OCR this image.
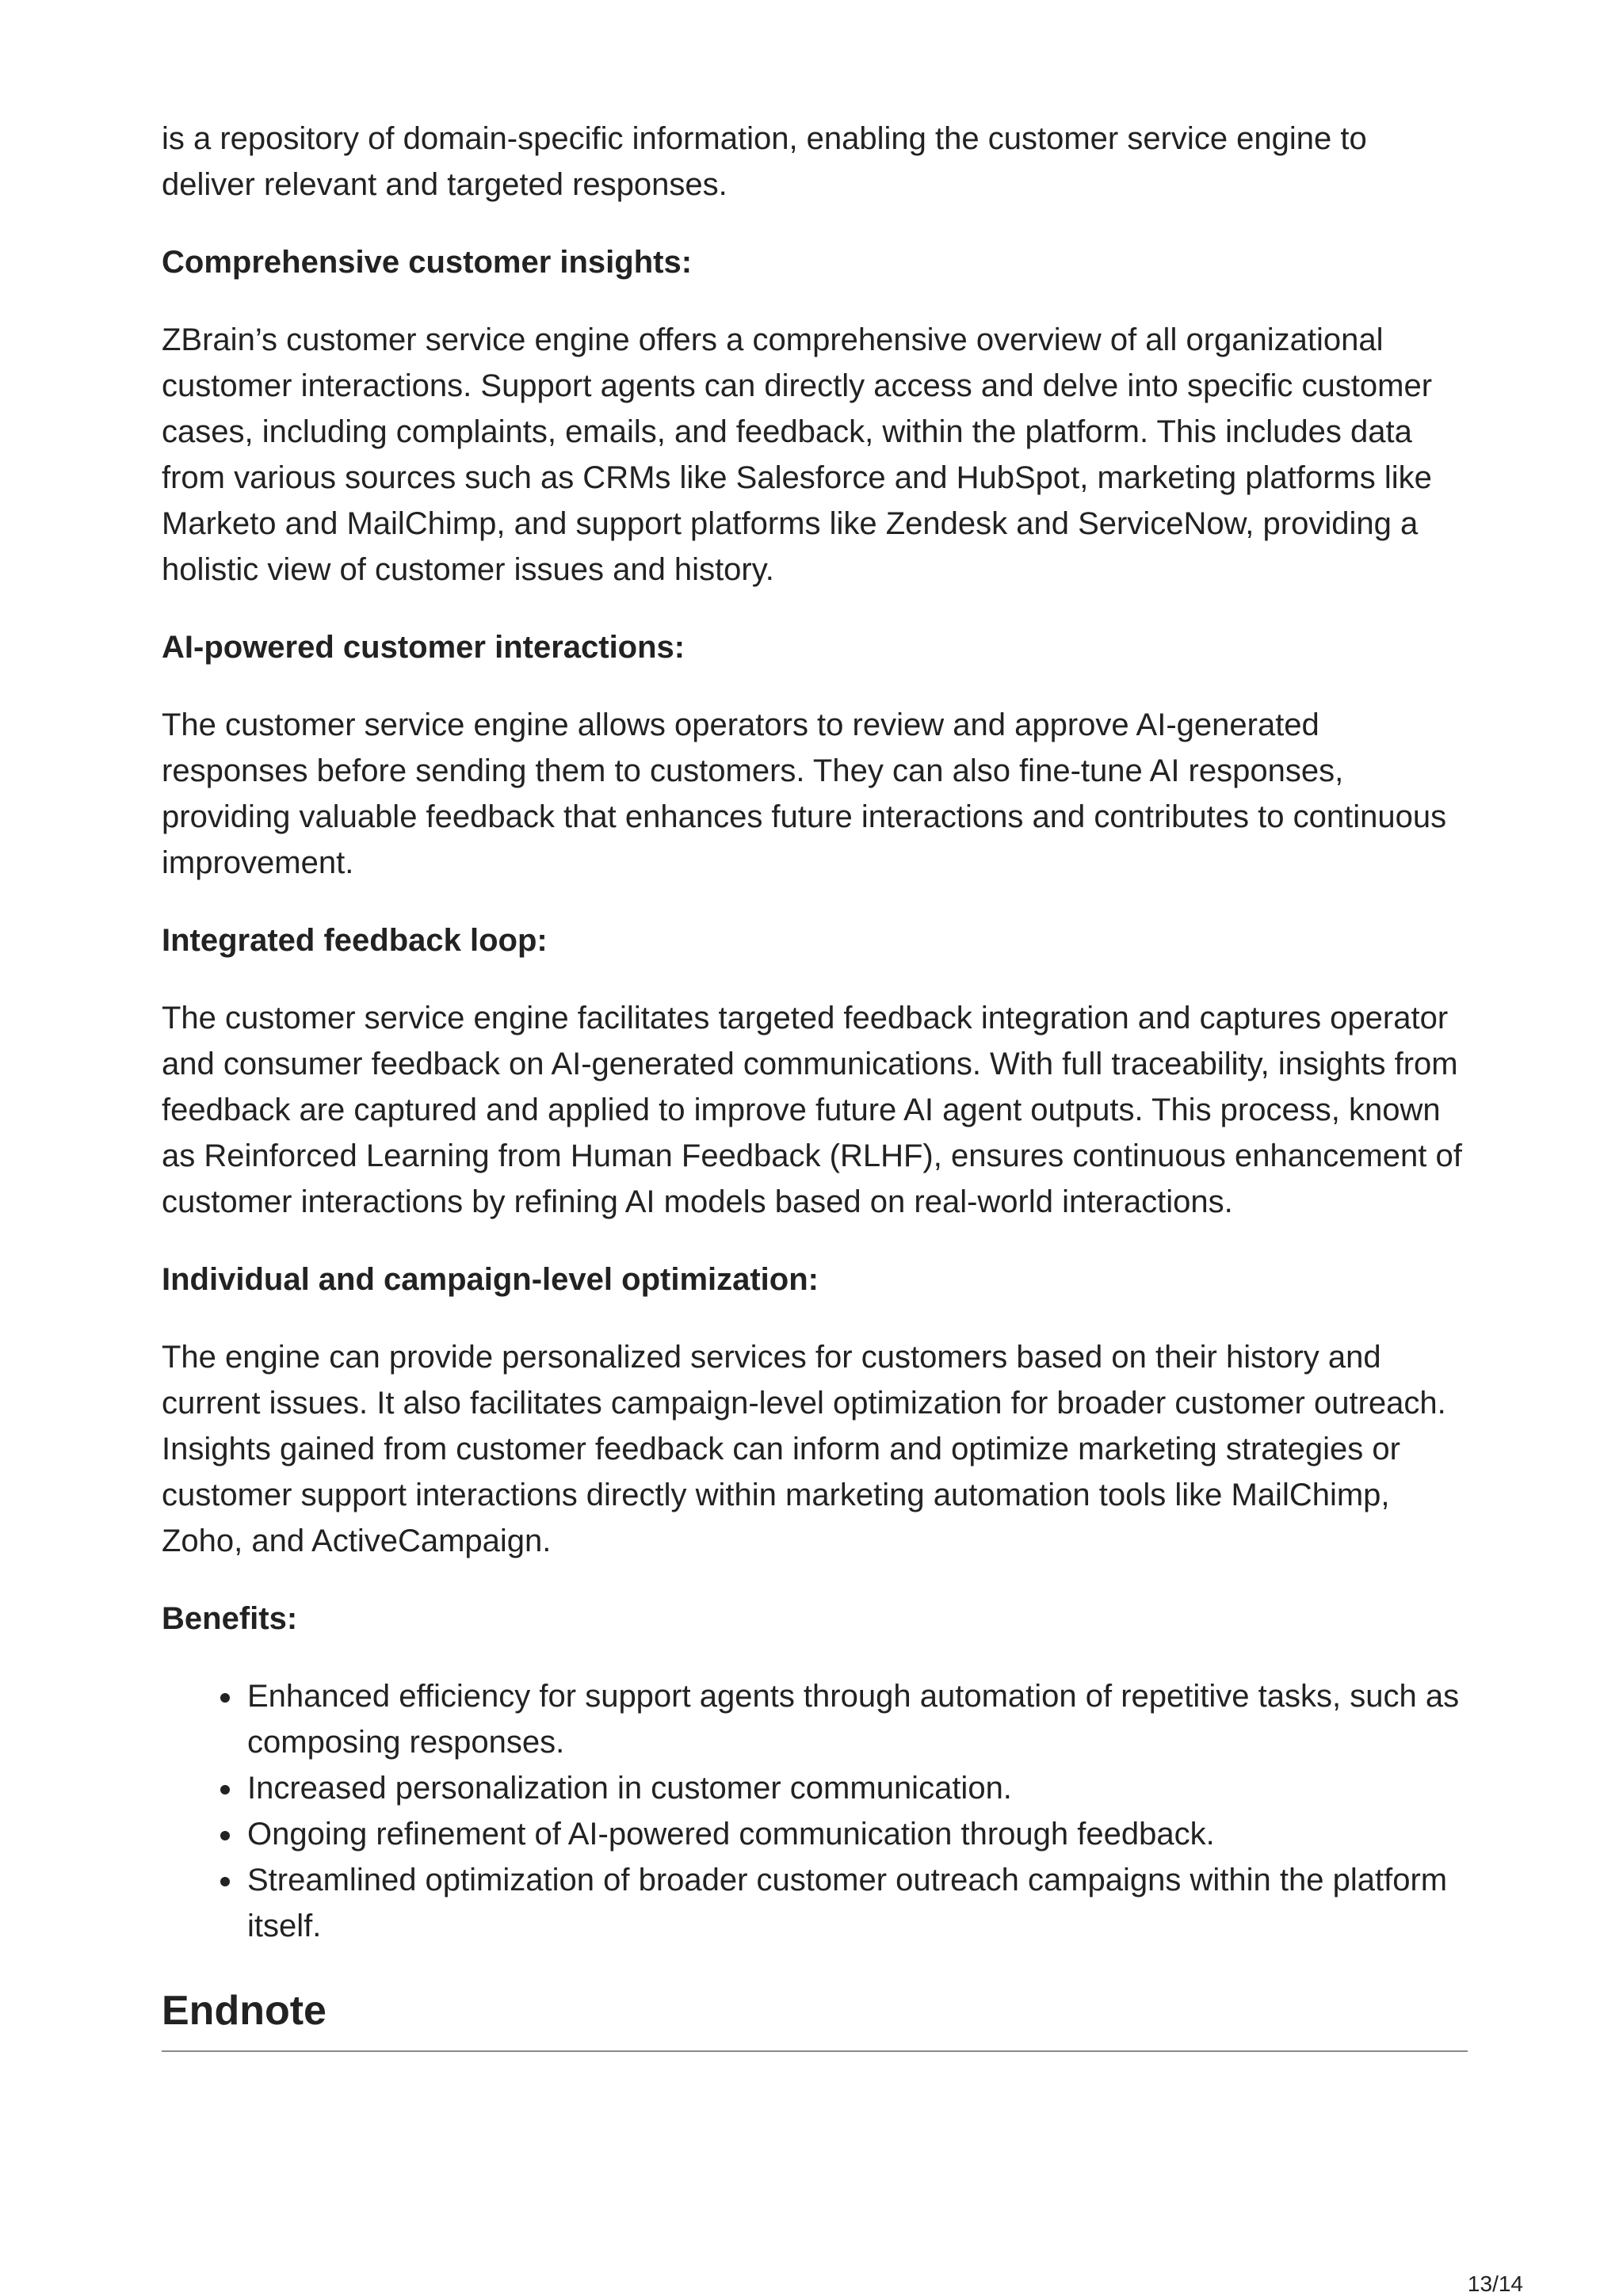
is a repository of domain-specific information, enabling the customer service engine to deliver relevant and targeted responses.

Comprehensive customer insights:

ZBrain’s customer service engine offers a comprehensive overview of all organizational customer interactions. Support agents can directly access and delve into specific customer cases, including complaints, emails, and feedback, within the platform. This includes data from various sources such as CRMs like Salesforce and HubSpot, marketing platforms like Marketo and MailChimp, and support platforms like Zendesk and ServiceNow, providing a holistic view of customer issues and history.

AI-powered customer interactions:

The customer service engine allows operators to review and approve AI-generated responses before sending them to customers. They can also fine-tune AI responses, providing valuable feedback that enhances future interactions and contributes to continuous improvement.

Integrated feedback loop:

The customer service engine facilitates targeted feedback integration and captures operator and consumer feedback on AI-generated communications. With full traceability, insights from feedback are captured and applied to improve future AI agent outputs. This process, known as Reinforced Learning from Human Feedback (RLHF), ensures continuous enhancement of customer interactions by refining AI models based on real-world interactions.

Individual and campaign-level optimization:

The engine can provide personalized services for customers based on their history and current issues. It also facilitates campaign-level optimization for broader customer outreach. Insights gained from customer feedback can inform and optimize marketing strategies or customer support interactions directly within marketing automation tools like MailChimp, Zoho, and ActiveCampaign.

Benefits:

• Enhanced efficiency for support agents through automation of repetitive tasks, such as composing responses.
• Increased personalization in customer communication.
• Ongoing refinement of AI-powered communication through feedback.
• Streamlined optimization of broader customer outreach campaigns within the platform itself.
Endnote
13/14
